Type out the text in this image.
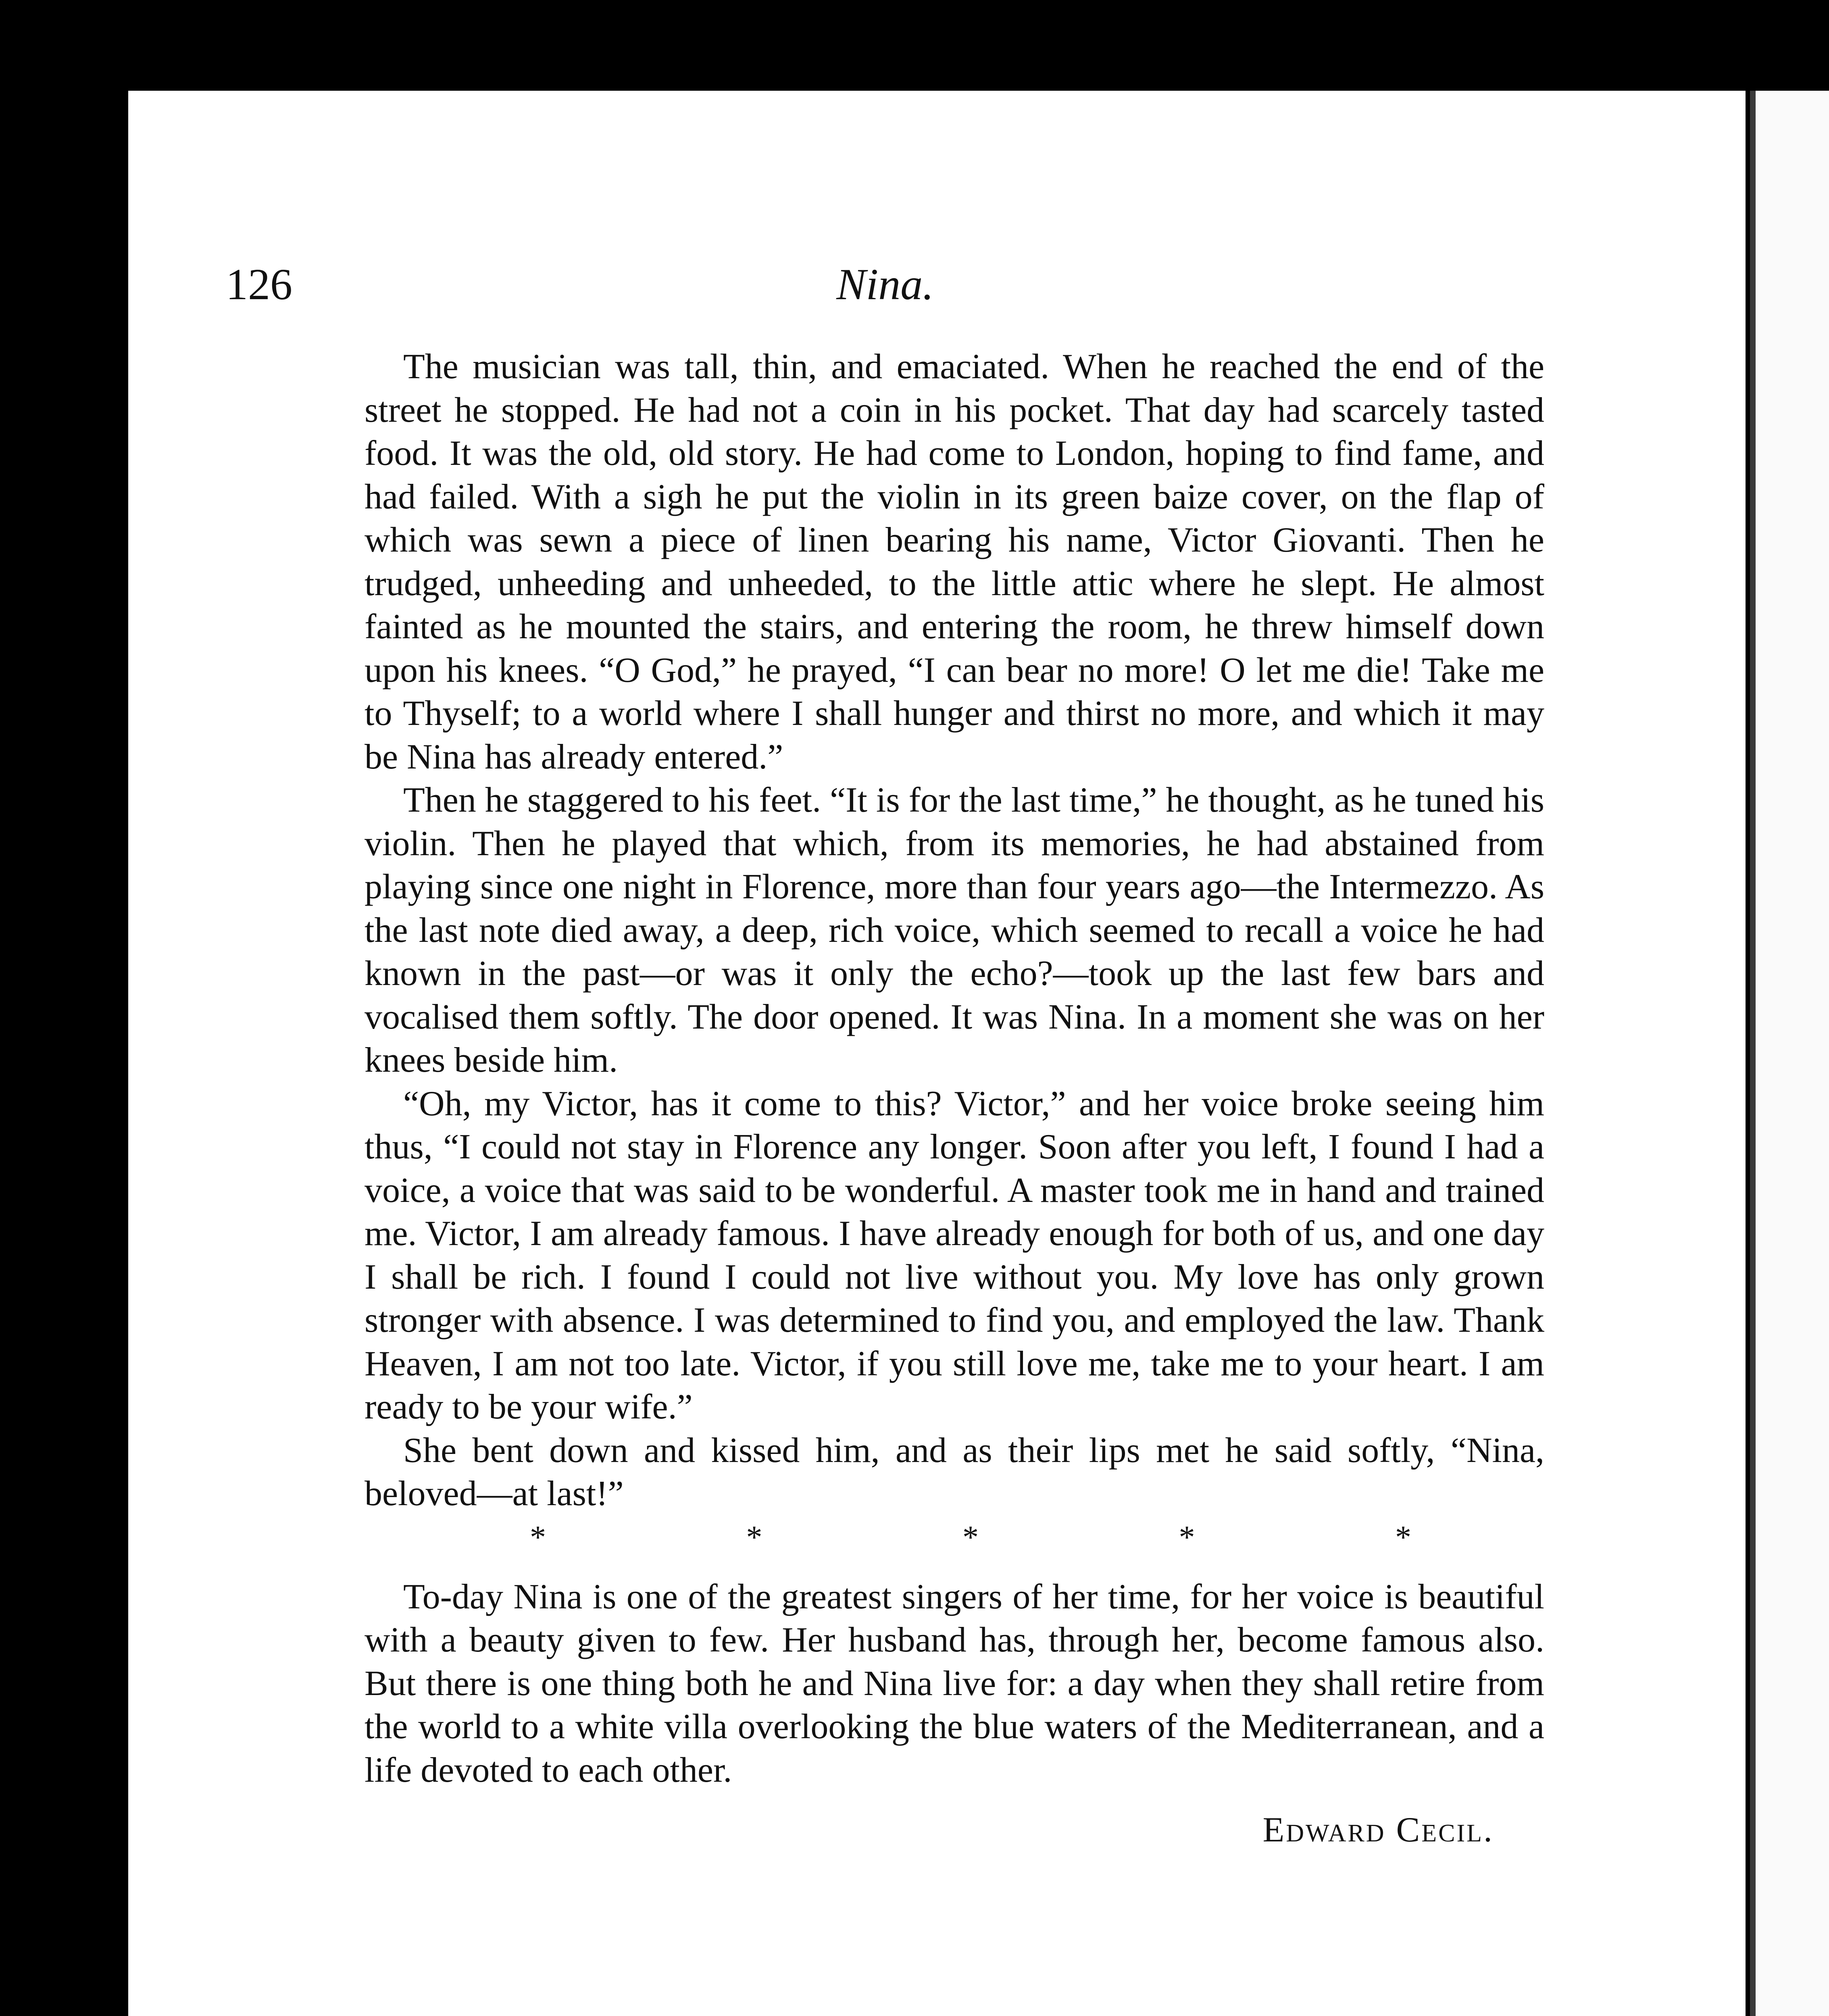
126	Nina.

The musician was tall, thin, and emaciated. When he reached the end of the street he stopped. He had not a coin in his pocket. That day had scarcely tasted food. It was the old, old story. He had come to London, hoping to find fame, and had failed. With a sigh he put the violin in its green baize cover, on the flap of which was sewn a piece of linen bearing his name, Victor Giovanti. Then he trudged, unheeding and unheeded, to the little attic where he slept. He almost fainted as he mounted the stairs, and entering the room, he threw himself down upon his knees. “O God,” he prayed, “I can bear no more! O let me die! Take me to Thyself; to a world where I shall hunger and thirst no more, and which it may be Nina has already entered.”

Then he staggered to his feet. “It is for the last time,” he thought, as he tuned his violin. Then he played that which, from its memories, he had abstained from playing since one night in Florence, more than four years ago—the Intermezzo. As the last note died away, a deep, rich voice, which seemed to recall a voice he had known in the past—or was it only the echo?—took up the last few bars and vocalised them softly. The door opened. It was Nina. In a moment she was on her knees beside him.

“Oh, my Victor, has it come to this? Victor,” and her voice broke seeing him thus, “I could not stay in Florence any longer. Soon after you left, I found I had a voice, a voice that was said to be wonderful. A master took me in hand and trained me. Victor, I am already famous. I have already enough for both of us, and one day I shall be rich. I found I could not live without you. My love has only grown stronger with absence. I was determined to find you, and employed the law. Thank Heaven, I am not too late. Victor, if you still love me, take me to your heart. I am ready to be your wife.”

She bent down and kissed him, and as their lips met he said softly, “Nina, beloved—at last!”

*	*	*	*	*

To-day Nina is one of the greatest singers of her time, for her voice is beautiful with a beauty given to few. Her husband has, through her, become famous also. But there is one thing both he and Nina live for: a day when they shall retire from the world to a white villa overlooking the blue waters of the Mediterranean, and a life devoted to each other.

Edward Cecil.
